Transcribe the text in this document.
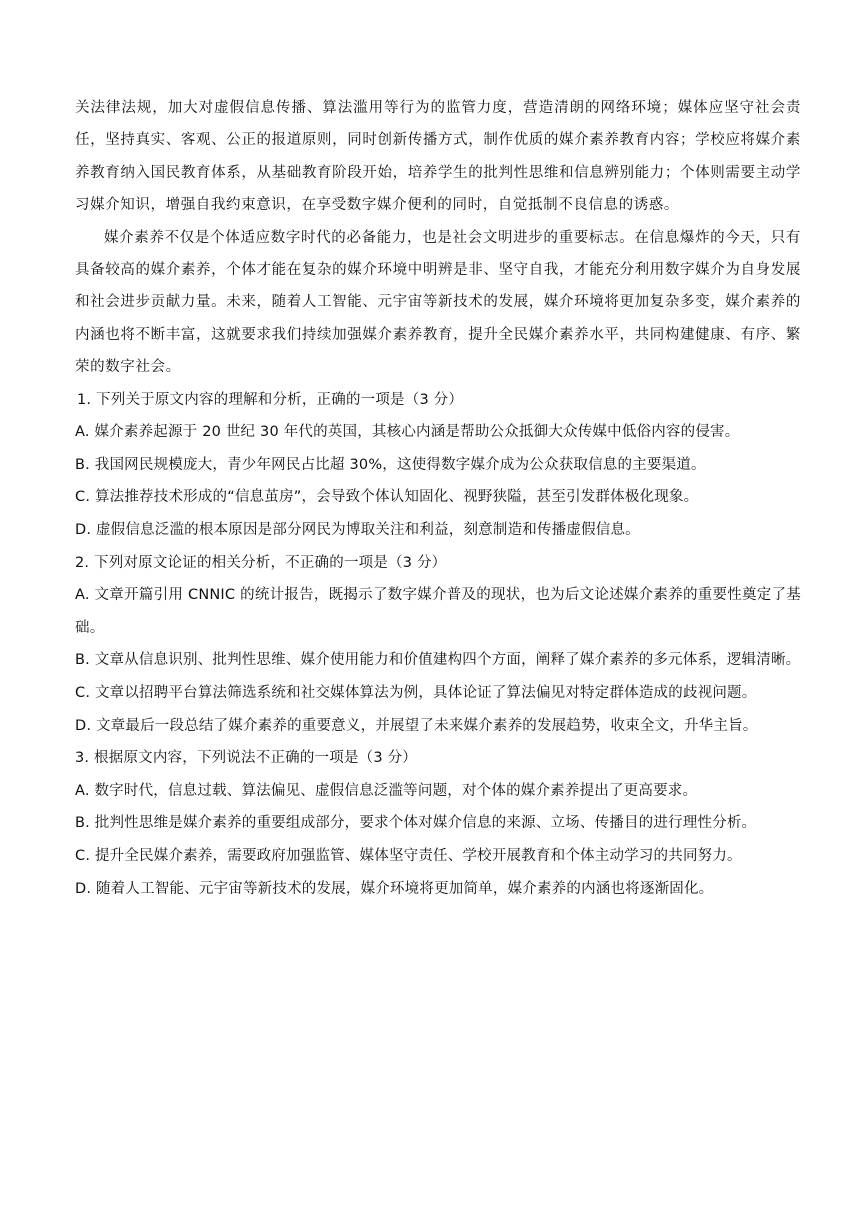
关法律法规，加大对虚假信息传播、算法滥用等行为的监管力度，营造清朗的网络环境；媒体应坚守社会责任，坚持真实、客观、公正的报道原则，同时创新传播方式，制作优质的媒介素养教育内容；学校应将媒介素养教育纳入国民教育体系，从基础教育阶段开始，培养学生的批判性思维和信息辨别能力；个体则需要主动学习媒介知识，增强自我约束意识，在享受数字媒介便利的同时，自觉抵制不良信息的诱惑。

媒介素养不仅是个体适应数字时代的必备能力，也是社会文明进步的重要标志。在信息爆炸的今天，只有具备较高的媒介素养，个体才能在复杂的媒介环境中明辨是非、坚守自我，才能充分利用数字媒介为自身发展和社会进步贡献力量。未来，随着人工智能、元宇宙等新技术的发展，媒介环境将更加复杂多变，媒介素养的内涵也将不断丰富，这就要求我们持续加强媒介素养教育，提升全民媒介素养水平，共同构建健康、有序、繁荣的数字社会。

1. 下列关于原文内容的理解和分析，正确的一项是（3 分）

A. 媒介素养起源于 20 世纪 30 年代的英国，其核心内涵是帮助公众抵御大众传媒中低俗内容的侵害。

B. 我国网民规模庞大，青少年网民占比超 30%，这使得数字媒介成为公众获取信息的主要渠道。

C. 算法推荐技术形成的“信息茧房”，会导致个体认知固化、视野狭隘，甚至引发群体极化现象。

D. 虚假信息泛滥的根本原因是部分网民为博取关注和利益，刻意制造和传播虚假信息。

2. 下列对原文论证的相关分析，不正确的一项是（3 分）

A. 文章开篇引用 CNNIC 的统计报告，既揭示了数字媒介普及的现状，也为后文论述媒介素养的重要性奠定了基础。

B. 文章从信息识别、批判性思维、媒介使用能力和价值建构四个方面，阐释了媒介素养的多元体系，逻辑清晰。

C. 文章以招聘平台算法筛选系统和社交媒体算法为例，具体论证了算法偏见对特定群体造成的歧视问题。

D. 文章最后一段总结了媒介素养的重要意义，并展望了未来媒介素养的发展趋势，收束全文，升华主旨。

3. 根据原文内容，下列说法不正确的一项是（3 分）

A. 数字时代，信息过载、算法偏见、虚假信息泛滥等问题，对个体的媒介素养提出了更高要求。

B. 批判性思维是媒介素养的重要组成部分，要求个体对媒介信息的来源、立场、传播目的进行理性分析。

C. 提升全民媒介素养，需要政府加强监管、媒体坚守责任、学校开展教育和个体主动学习的共同努力。

D. 随着人工智能、元宇宙等新技术的发展，媒介环境将更加简单，媒介素养的内涵也将逐渐固化。
